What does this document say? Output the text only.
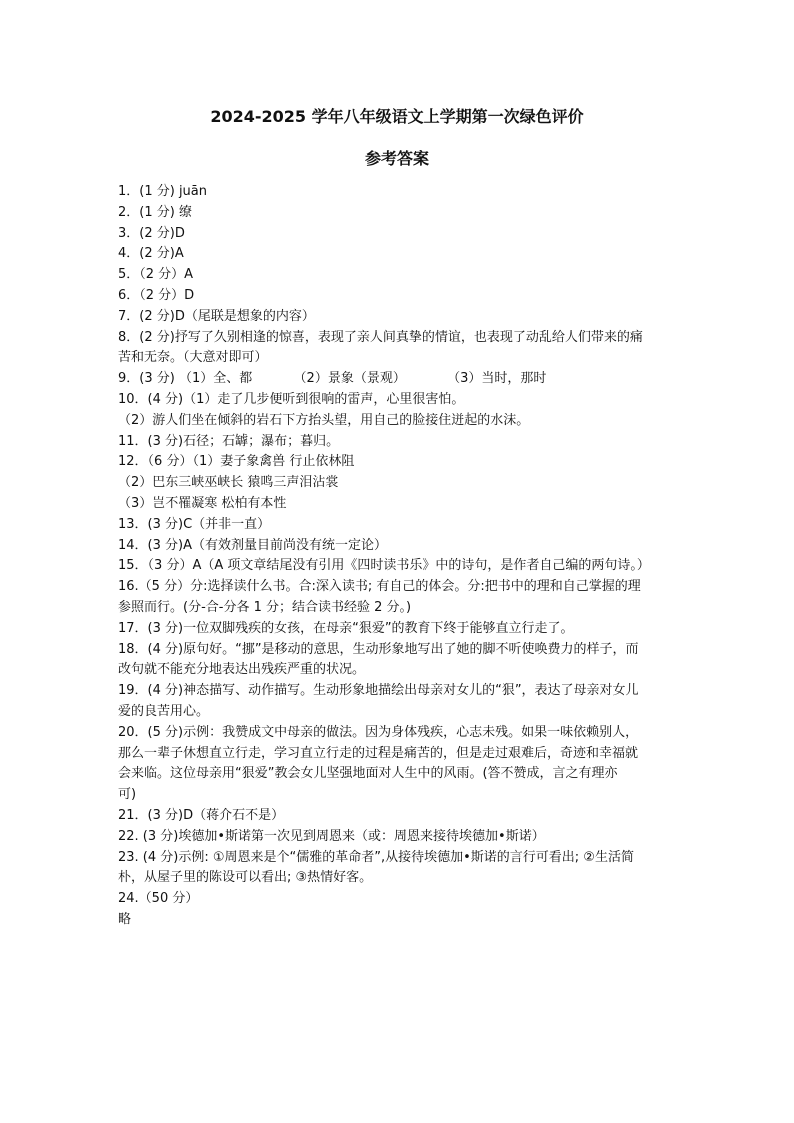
2024-2025 学年八年级语文上学期第一次绿色评价
参考答案
1．(1 分) juān
2．(1 分) 缭
3．(2 分)D
4．(2 分)A
5．（2 分）A
6．（2 分）D
7．(2 分)D（尾联是想象的内容）
8．(2 分)抒写了久别相逢的惊喜，表现了亲人间真挚的情谊，也表现了动乱给人们带来的痛
苦和无奈。（大意对即可）
9．(3 分) （1）全、都          （2）景象（景观）          （3）当时，那时
10．(4 分)（1）走了几步便听到很响的雷声，心里很害怕。
（2）游人们坐在倾斜的岩石下方抬头望，用自己的脸接住迸起的水沫。
11．(3 分)石径；石罅；瀑布；暮归。
12．（6 分）（1）妻子象禽兽 行止依林阻
（2）巴东三峡巫峡长 猿鸣三声泪沾裳
（3）岂不罹凝寒 松柏有本性
13．(3 分)C（并非一直）
14．(3 分)A（有效剂量目前尚没有统一定论）
15．（3 分）A（A 项文章结尾没有引用《四时读书乐》中的诗句，是作者自己编的两句诗。）
16.（5 分）分:选择读什么书。合:深入读书; 有自己的体会。分:把书中的理和自己掌握的理
参照而行。(分-合-分各 1 分；结合读书经验 2 分。)
17．(3 分)一位双脚残疾的女孩，在母亲“狠爱”的教育下终于能够直立行走了。
18．(4 分)原句好。“挪”是移动的意思，生动形象地写出了她的脚不听使唤费力的样子，而
改句就不能充分地表达出残疾严重的状况。
19．(4 分)神态描写、动作描写。生动形象地描绘出母亲对女儿的“狠”，表达了母亲对女儿
爱的良苦用心。
20．(5 分)示例：我赞成文中母亲的做法。因为身体残疾，心志未残。如果一味依赖别人，
那么一辈子休想直立行走，学习直立行走的过程是痛苦的，但是走过艰难后，奇迹和幸福就
会来临。这位母亲用“狠爱”教会女儿坚强地面对人生中的风雨。(答不赞成，言之有理亦
可)
21．(3 分)D（蒋介石不是）
22. (3 分)埃德加•斯诺第一次见到周恩来（或：周恩来接待埃德加•斯诺）
23. (4 分)示例: ①周恩来是个“儒雅的革命者”,从接待埃德加•斯诺的言行可看出; ②生活简
朴，从屋子里的陈设可以看出; ③热情好客。
24.（50 分）
略
